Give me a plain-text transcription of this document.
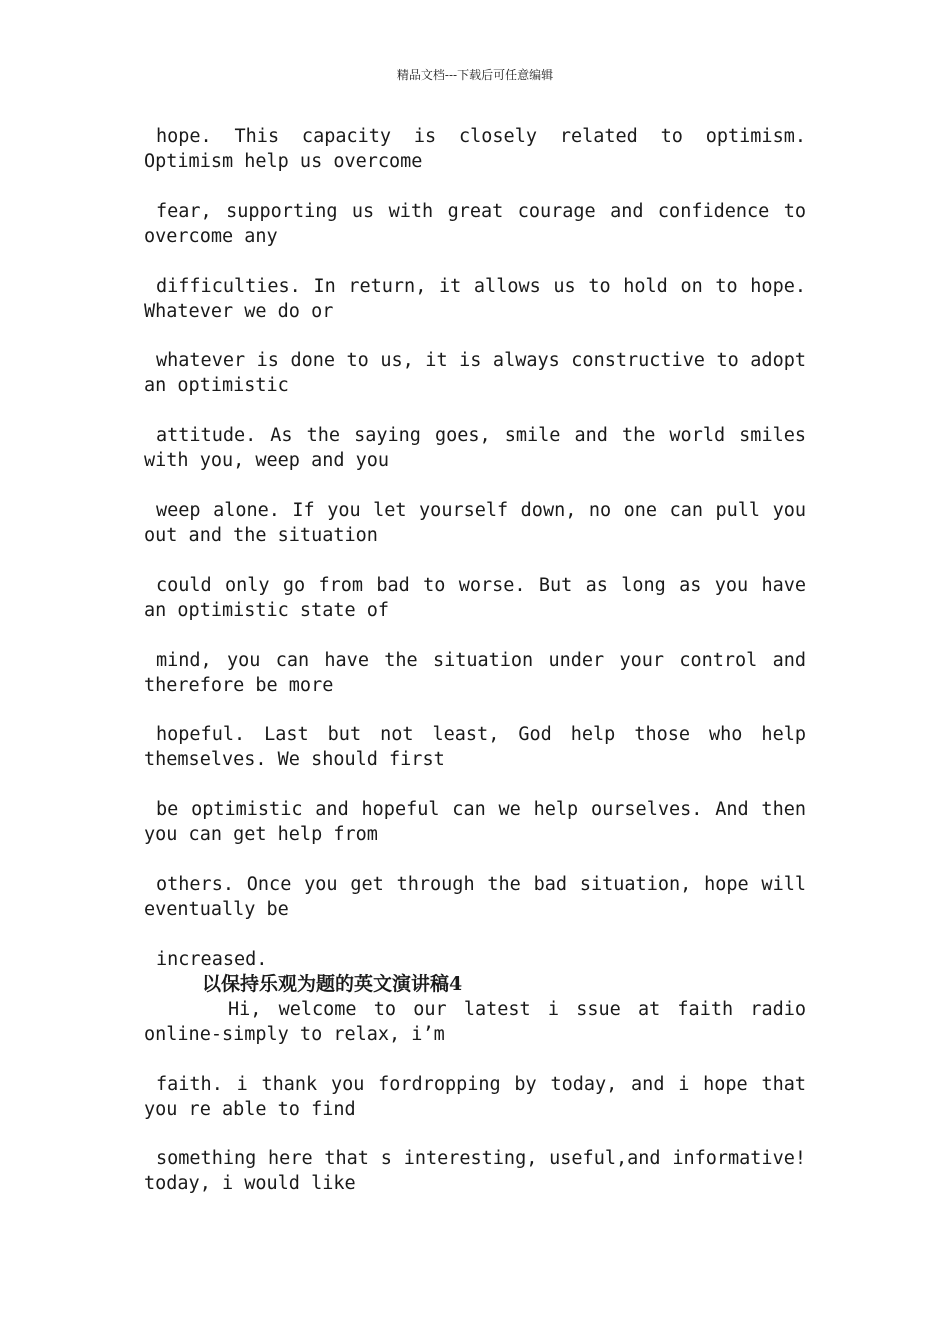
精品文档---下载后可任意编辑

hope. This capacity is closely related to optimism. Optimism help us overcome

fear, supporting us with great courage and confidence to overcome any

difficulties. In return, it allows us to hold on to hope. Whatever we do or

whatever is done to us, it is always constructive to adopt an optimistic

attitude. As the saying goes, smile and the world smiles with you, weep and you

weep alone. If you let yourself down, no one can pull you out and the situation

could only go from bad to worse. But as long as you have an optimistic state of

mind, you can have the situation under your control and therefore be more

hopeful. Last but not least, God help those who help themselves. We should first

be optimistic and hopeful can we help ourselves. And then you can get help from

others. Once you get through the bad situation, hope will eventually be

increased.

以保持乐观为题的英文演讲稿4

Hi, welcome to our latest i ssue at faith radio online-simply to relax, i’m

faith. i thank you fordropping by today, and i hope that you re able to find

something here that s interesting, useful,and informative! today, i would like
